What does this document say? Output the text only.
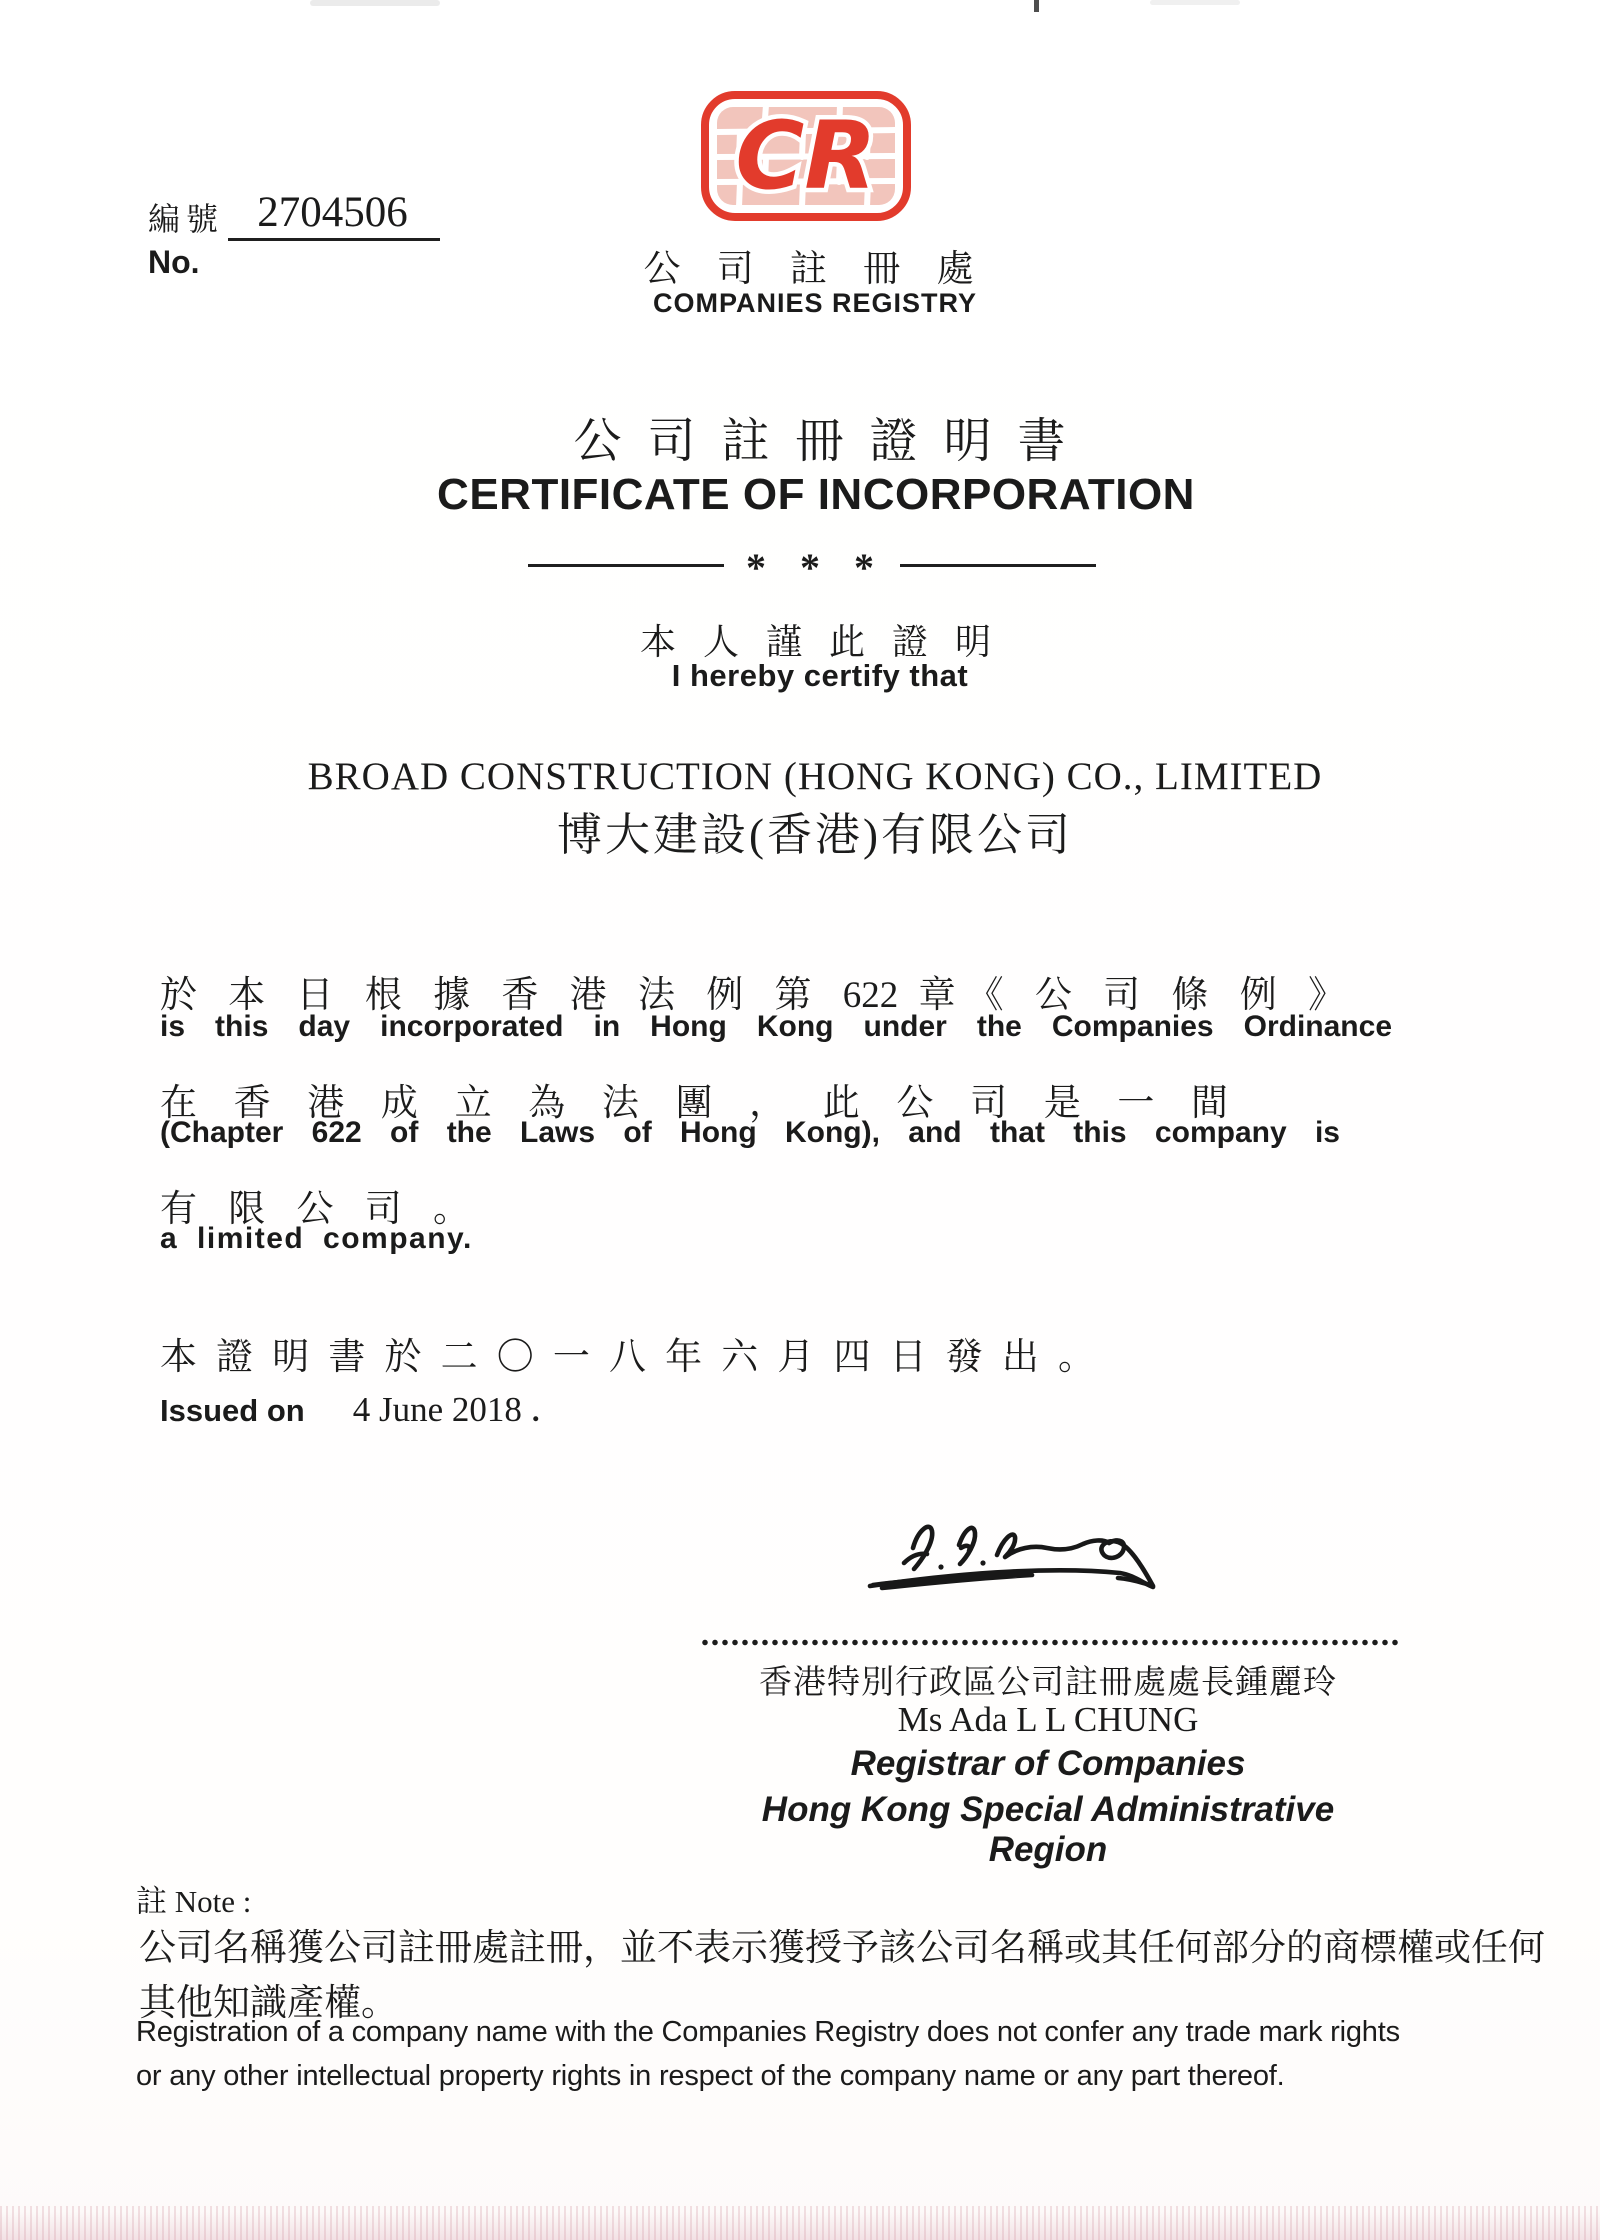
編號 2704506
No.
CR
公 司 註 冊 處
COMPANIES REGISTRY
公 司 註 冊 證 明 書
CERTIFICATE OF INCORPORATION
* * *
本 人 謹 此 證 明
I hereby certify that
BROAD CONSTRUCTION (HONG KONG) CO., LIMITED
博大建設(香港)有限公司
於 本 日 根 據 香 港 法 例 第 622 章《 公 司 條 例 》
is this day incorporated in Hong Kong under the Companies Ordinance
在 香 港 成 立 為 法 團 ， 此 公 司 是 一 間
(Chapter 622 of the Laws of Hong Kong), and that this company is
有 限 公 司 。
a limited company.
本 證 明 書 於 二 〇 一 八 年 六 月 四 日 發 出 。
Issued on 4 June 2018 .
香港特別行政區公司註冊處處長鍾麗玲
Ms Ada L L CHUNG
Registrar of Companies
Hong Kong Special Administrative Region
註 Note :
公司名稱獲公司註冊處註冊，並不表示獲授予該公司名稱或其任何部分的商標權或任何
其他知識產權。
Registration of a company name with the Companies Registry does not confer any trade mark rights
or any other intellectual property rights in respect of the company name or any part thereof.
